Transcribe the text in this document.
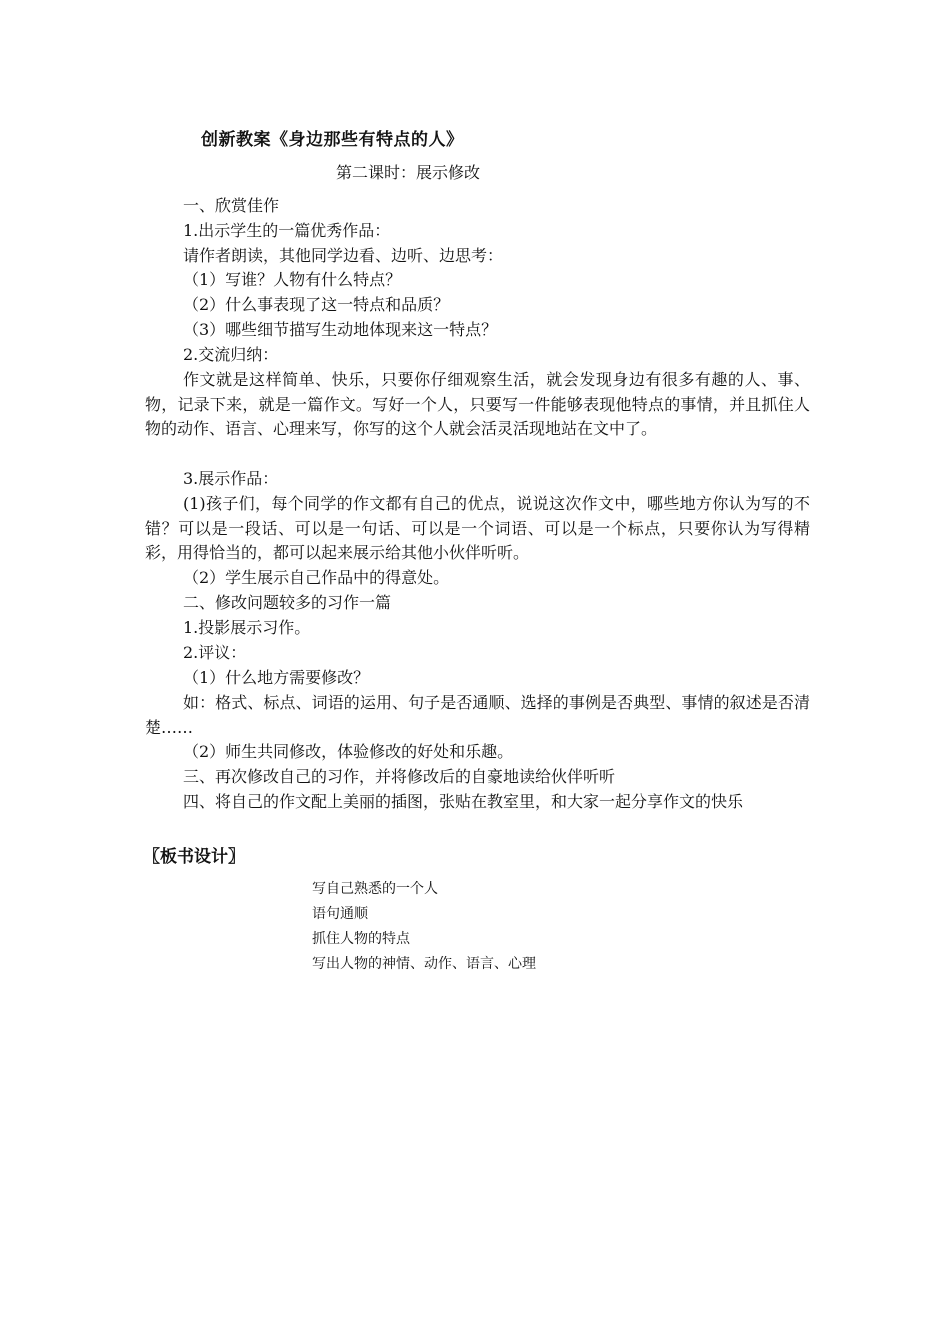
创新教案《身边那些有特点的人》
第二课时：展示修改
一、欣赏佳作
1.出示学生的一篇优秀作品：
请作者朗读，其他同学边看、边听、边思考：
（1）写谁？人物有什么特点？
（2）什么事表现了这一特点和品质？
（3）哪些细节描写生动地体现来这一特点？
2.交流归纳：
作文就是这样简单、快乐，只要你仔细观察生活，就会发现身边有很多有趣的人、事、物，记录下来，就是一篇作文。写好一个人，只要写一件能够表现他特点的事情，并且抓住人物的动作、语言、心理来写，你写的这个人就会活灵活现地站在文中了。
3.展示作品：
(1)孩子们，每个同学的作文都有自己的优点，说说这次作文中，哪些地方你认为写的不错？可以是一段话、可以是一句话、可以是一个词语、可以是一个标点，只要你认为写得精彩，用得恰当的，都可以起来展示给其他小伙伴听听。
（2）学生展示自己作品中的得意处。
二、修改问题较多的习作一篇
1.投影展示习作。
2.评议：
（1）什么地方需要修改？
如：格式、标点、词语的运用、句子是否通顺、选择的事例是否典型、事情的叙述是否清楚……
（2）师生共同修改，体验修改的好处和乐趣。
三、再次修改自己的习作，并将修改后的自豪地读给伙伴听听
四、将自己的作文配上美丽的插图，张贴在教室里，和大家一起分享作文的快乐
〖板书设计〗
写自己熟悉的一个人
语句通顺
抓住人物的特点
写出人物的神情、动作、语言、心理
